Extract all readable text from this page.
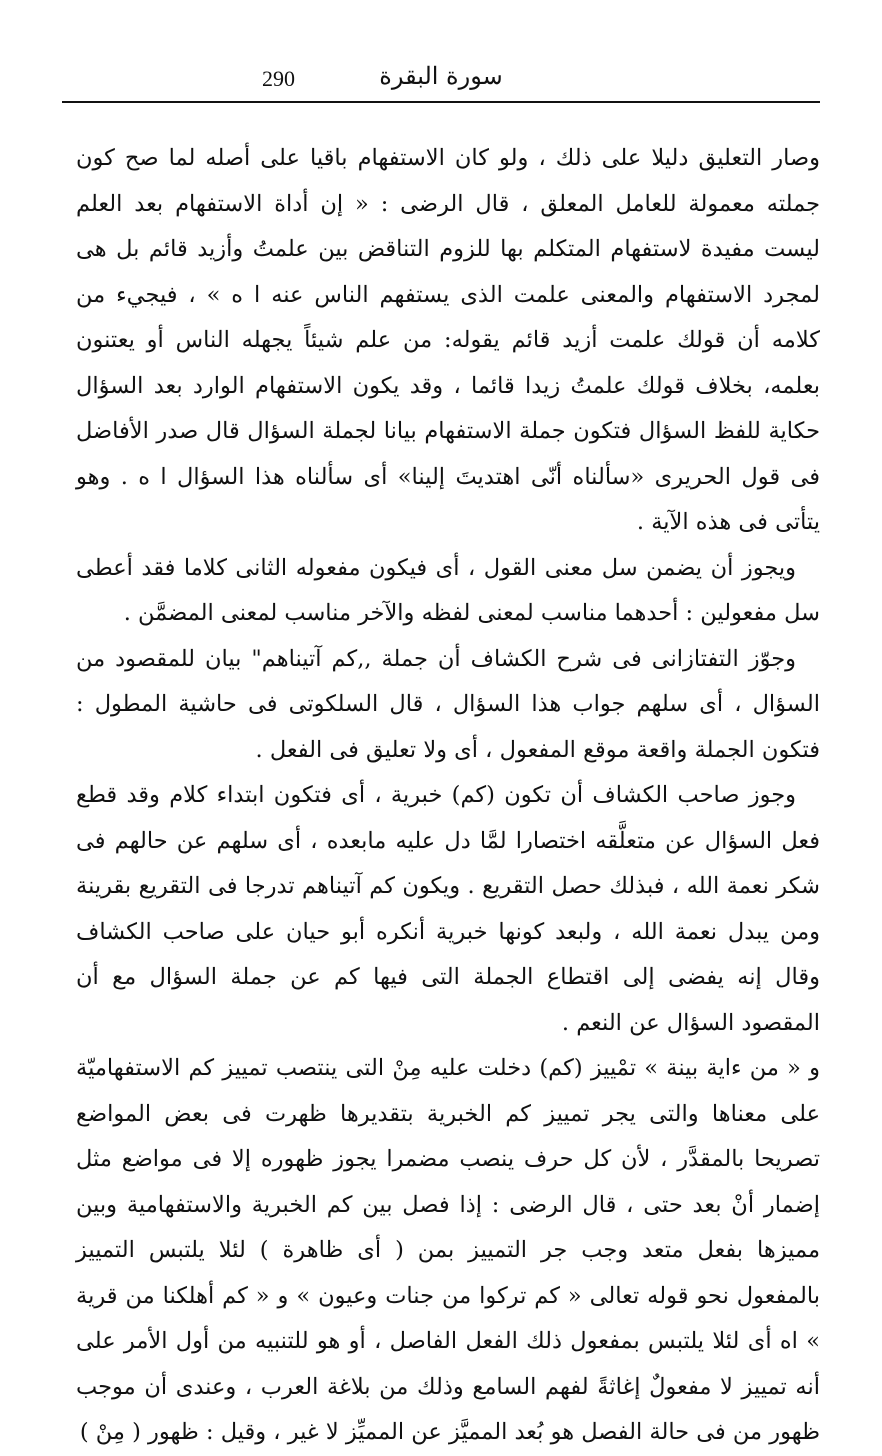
290	سورة البقرة

وصار التعليق دليلا على ذلك ، ولو كان الاستفهام باقيا على أصله لما صح كون جملته معمولة للعامل المعلق ، قال الرضى : « إن أداة الاستفهام بعد العلم ليست مفيدة لاستفهام المتكلم بها للزوم التناقض بين علمتُ وأزيد قائم بل هى لمجرد الاستفهام والمعنى علمت الذى يستفهم الناس عنه ا ه » ، فيجيء من كلامه أن قولك علمت أزيد قائم يقوله: من علم شيئاً يجهله الناس أو يعتنون بعلمه، بخلاف قولك علمتُ زيدا قائما ، وقد يكون الاستفهام الوارد بعد السؤال حكاية للفظ السؤال فتكون جملة الاستفهام بيانا لجملة السؤال قال صدر الأفاضل فى قول الحريرى «سألناه أنّى اهتديتَ إلينا» أى سألناه هذا السؤال ا ه . وهو يتأتى فى هذه الآية .

ويجوز أن يضمن سل معنى القول ، أى فيكون مفعوله الثانى كلاما فقد أعطى سل مفعولين : أحدهما مناسب لمعنى لفظه والآخر مناسب لمعنى المضمَّن .

وجوّز التفتازانى فى شرح الكشاف أن جملة ,,كم آتيناهم" بيان للمقصود من السؤال ، أى سلهم جواب هذا السؤال ، قال السلكوتى فى حاشية المطول : فتكون الجملة واقعة موقع المفعول ، أى ولا تعليق فى الفعل .

وجوز صاحب الكشاف أن تكون (كم) خبرية ، أى فتكون ابتداء كلام وقد قطع فعل السؤال عن متعلَّقه اختصارا لمَّا دل عليه مابعده ، أى سلهم عن حالهم فى شكر نعمة الله ، فبذلك حصل التقريع . ويكون كم آتيناهم تدرجا فى التقريع بقرينة ومن يبدل نعمة الله ، ولبعد كونها خبرية أنكره أبو حيان على صاحب الكشاف وقال إنه يفضى إلى اقتطاع الجملة التى فيها كم عن جملة السؤال مع أن المقصود السؤال عن النعم .

و « من ءاية بينة » تمْييز (كم) دخلت عليه مِنْ التى ينتصب تمييز كم الاستفهاميّة على معناها والتى يجر تمييز كم الخبرية بتقديرها ظهرت فى بعض المواضع تصريحا بالمقدَّر ، لأن كل حرف ينصب مضمرا يجوز ظهوره إلا فى مواضع مثل إضمار أنْ بعد حتى ، قال الرضى : إذا فصل بين كم الخبرية والاستفهامية وبين مميزها بفعل متعد وجب جر التمييز بمن ( أى ظاهرة ) لئلا يلتبس التمييز بالمفعول نحو قوله تعالى « كم تركوا من جنات وعيون » و « كم أهلكنا من قرية » اه أى لئلا يلتبس بمفعول ذلك الفعل الفاصل ، أو هو للتنبيه من أول الأمر على أنه تمييز لا مفعولٌ إغاثةً لفهم السامع وذلك من بلاغة العرب ، وعندى أن موجب ظهور من فى حالة الفصل هو بُعد المميَّز عن المميِّز لا غير ، وقيل : ظهور ( مِنْ )
